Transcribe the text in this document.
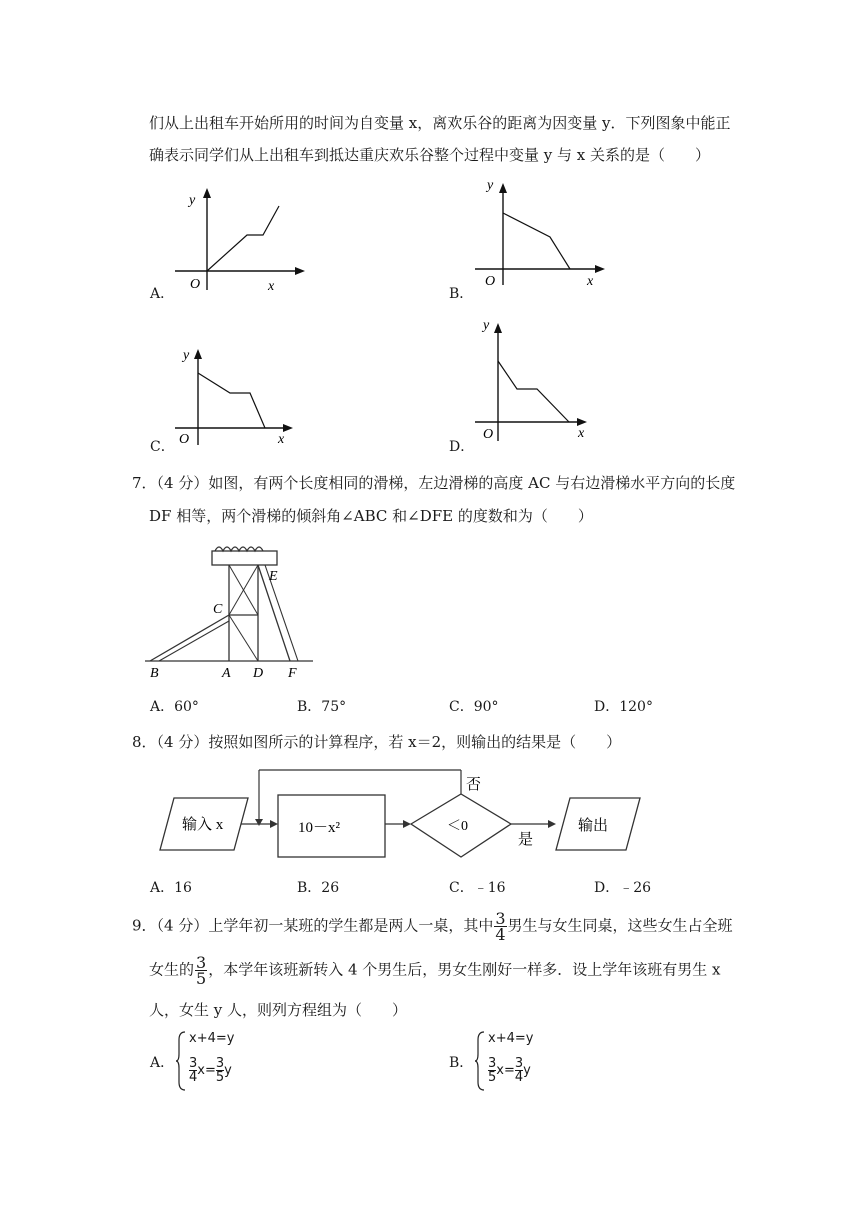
们从上出租车开始所用的时间为自变量 x，离欢乐谷的距离为因变量 y．下列图象中能正
确表示同学们从上出租车到抵达重庆欢乐谷整个过程中变量 y 与 x 关系的是（　　）
A．
y
O	x	B．
y
O	x
C．
y
O	x	D．
y
O	x
7．（4 分）如图，有两个长度相同的滑梯，左边滑梯的高度 AC 与右边滑梯水平方向的长度
DF 相等，两个滑梯的倾斜角∠ABC 和∠DFE 的度数和为（　　）
B	A D F
C
E
A．60°	B．75°	C．90°	D．120°
8．（4 分）按照如图所示的计算程序，若 x＝2，则输出的结果是（　　）
输入 x	10－x²	＜0
否
是
输出
A．16	B．26	C．﹣16	D．﹣26
9．（4 分）上学年初一某班的学生都是两人一桌，其中 $\frac{3}{4}$ 男生与女生同桌，这些女生占全班
女生的 $\frac{3}{5}$ ，本学年该班新转入 4 个男生后，男女生刚好一样多．设上学年该班有男生 x
人，女生 y 人，则列方程组为（　　）
A．
x+4=y
$\frac{3}{4} x= \frac{3}{5}$ y	B．
x+4=y
$\frac{3}{5} x= \frac{3}{4}$ y
